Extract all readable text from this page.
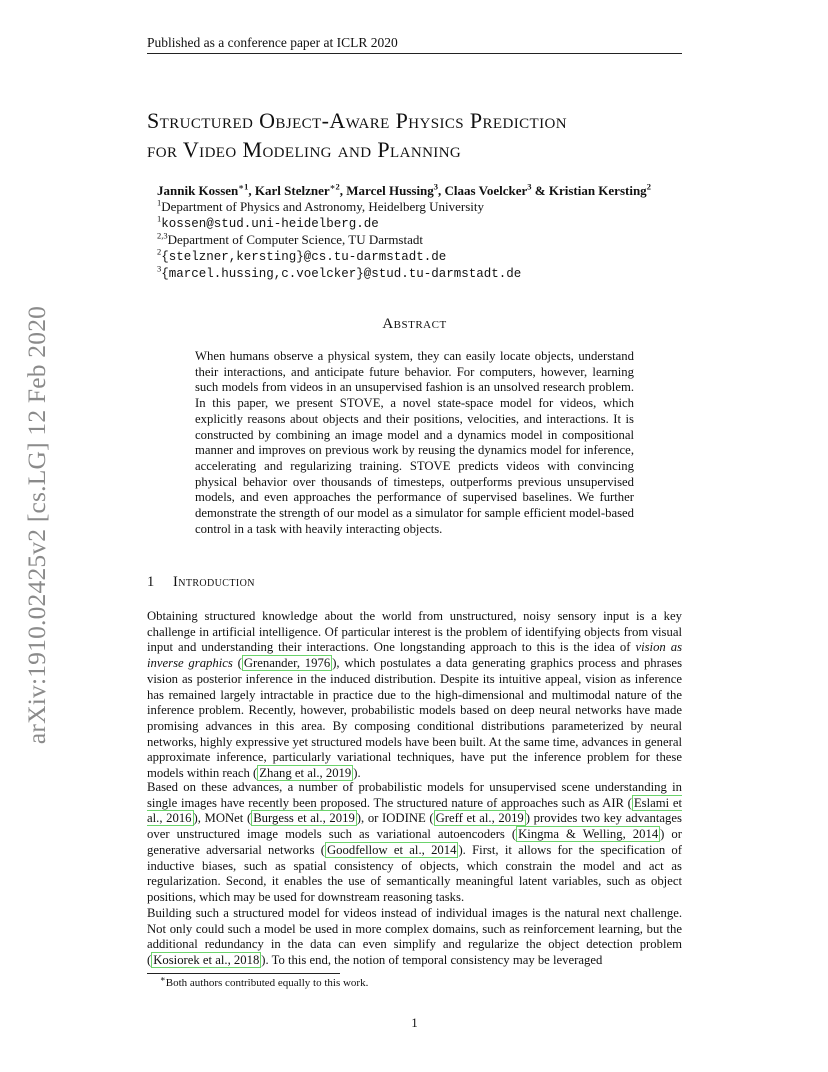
Published as a conference paper at ICLR 2020
arXiv:1910.02425v2 [cs.LG] 12 Feb 2020
Structured Object-Aware Physics Prediction
for Video Modeling and Planning
Jannik Kossen$^{∗1}$, Karl Stelzner$^{∗2}$, Marcel Hussing$^3$, Claas Voelcker$^3$ & Kristian Kersting$^2$
$^1$Department of Physics and Astronomy, Heidelberg University
$^1$kossen@stud.uni-heidelberg.de
$^{2,3}$Department of Computer Science, TU Darmstadt
$^2${stelzner,kersting}@cs.tu-darmstadt.de
$^3${marcel.hussing,c.voelcker}@stud.tu-darmstadt.de
Abstract

When humans observe a physical system, they can easily locate objects, understand their interactions, and anticipate future behavior. For computers, however, learning such models from videos in an unsupervised fashion is an unsolved research problem. In this paper, we present STOVE, a novel state-space model for videos, which explicitly reasons about objects and their positions, velocities, and interactions. It is constructed by combining an image model and a dynamics model in compositional manner and improves on previous work by reusing the dynamics model for inference, accelerating and regularizing training. STOVE predicts videos with convincing physical behavior over thousands of timesteps, outperforms previous unsupervised models, and even approaches the performance of supervised baselines. We further demonstrate the strength of our model as a simulator for sample efficient model-based control in a task with heavily interacting objects.

1 Introduction

Obtaining structured knowledge about the world from unstructured, noisy sensory input is a key challenge in artificial intelligence. Of particular interest is the problem of identifying objects from visual input and understanding their interactions. One longstanding approach to this is the idea of vision as inverse graphics ( Grenander, 1976 ), which postulates a data generating graphics process and phrases vision as posterior inference in the induced distribution. Despite its intuitive appeal, vision as inference has remained largely intractable in practice due to the high-dimensional and multimodal nature of the inference problem. Recently, however, probabilistic models based on deep neural networks have made promising advances in this area. By composing conditional distributions parameterized by neural networks, highly expressive yet structured models have been built. At the same time, advances in general approximate inference, particularly variational techniques, have put the inference problem for these models within reach ( Zhang et al., 2019 ).

Based on these advances, a number of probabilistic models for unsupervised scene understanding in single images have recently been proposed. The structured nature of approaches such as AIR ( Eslami et al., 2016 ), MONet ( Burgess et al., 2019 ), or IODINE ( Greff et al., 2019 ) provides two key advantages over unstructured image models such as variational autoencoders ( Kingma & Welling, 2014 ) or generative adversarial networks ( Goodfellow et al., 2014 ). First, it allows for the specification of inductive biases, such as spatial consistency of objects, which constrain the model and act as regularization. Second, it enables the use of semantically meaningful latent variables, such as object positions, which may be used for downstream reasoning tasks.

Building such a structured model for videos instead of individual images is the natural next challenge. Not only could such a model be used in more complex domains, such as reinforcement learning, but the additional redundancy in the data can even simplify and regularize the object detection problem ( Kosiorek et al., 2018 ). To this end, the notion of temporal consistency may be leveraged

∗Both authors contributed equally to this work.
1
